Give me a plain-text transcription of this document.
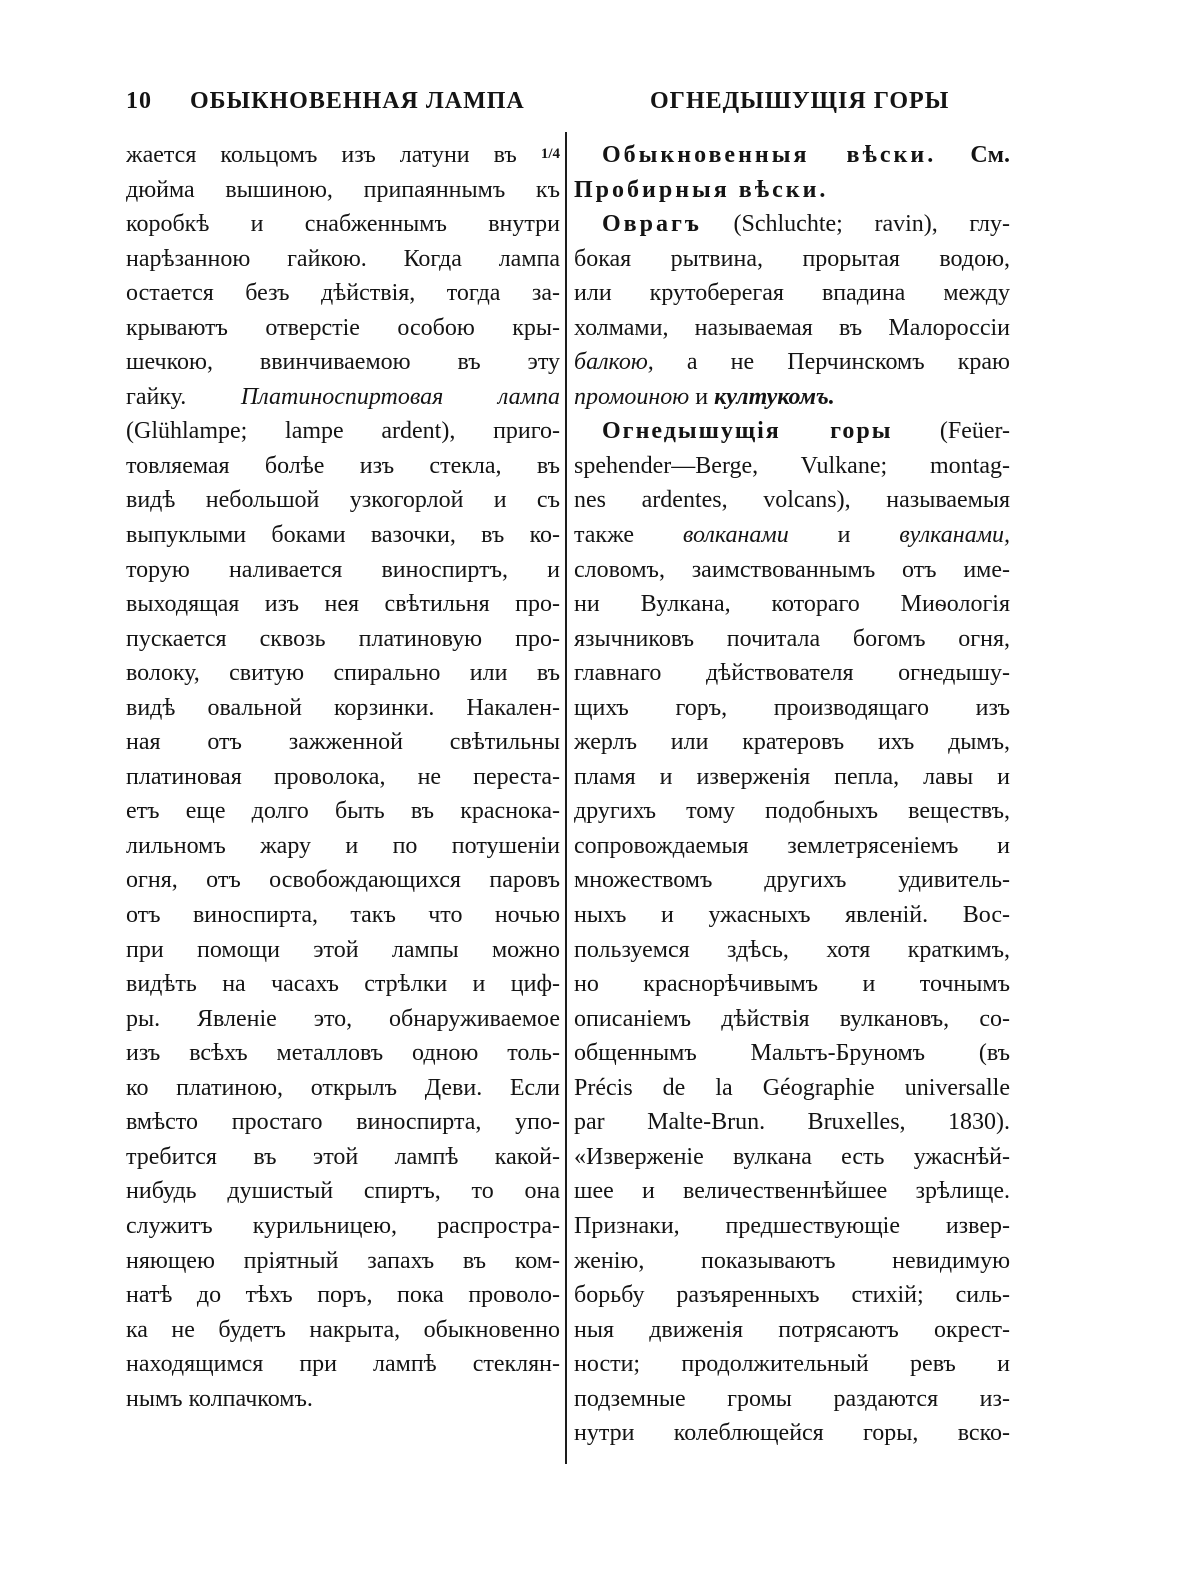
10 ОБЫКНОВЕННАЯ ЛАМПА	ОГНЕДЫШУЩІЯ ГОРЫ
жается кольцомъ изъ латуни въ 1/4
дюйма вышиною, припаяннымъ къ
коробкѣ и снабженнымъ внутри
нарѣзанною гайкою. Когда лампа
остается безъ дѣйствія, тогда за-
крываютъ отверстіе особою кры-
шечкою, ввинчиваемою въ эту
гайку. Платиноспиртовая лампа
(Glühlampe; lampe ardent), приго-
товляемая болѣе изъ стекла, въ
видѣ небольшой узкогорлой и съ
выпуклыми боками вазочки, въ ко-
торую наливается виноспиртъ, и
выходящая изъ нея свѣтильня про-
пускается сквозь платиновую про-
волоку, свитую спирально или въ
видѣ овальной корзинки. Накален-
ная отъ зажженной свѣтильны
платиновая проволока, не переста-
етъ еще долго быть въ краснока-
лильномъ жару и по потушеніи
огня, отъ освобождающихся паровъ
отъ виноспирта, такъ что ночью
при помощи этой лампы можно
видѣть на часахъ стрѣлки и циф-
ры. Явленіе это, обнаруживаемое
изъ всѣхъ металловъ одною толь-
ко платиною, открылъ Деви. Если
вмѣсто простаго виноспирта, упо-
требится въ этой лампѣ какой-
нибудь душистый спиртъ, то она
служитъ курильницею, распростра-
няющею пріятный запахъ въ ком-
натѣ до тѣхъ поръ, пока проволо-
ка не будетъ накрыта, обыкновенно
находящимся при лампѣ стеклян-
нымъ колпачкомъ.
Обыкновенныя вѣски. См.
Пробирныя вѣски.
Оврагъ (Schluchte; ravin), глу-
бокая рытвина, прорытая водою,
или крутоберегая впадина между
холмами, называемая въ Малороссіи
балкою, а не Перчинскомъ краю
промоиною и култукомъ.
Огнедышущія горы (Feüer-
spehender—Berge, Vulkane; montag-
nes ardentes, volcans), называемыя
также волканами и вулканами,
словомъ, заимствованнымъ отъ име-
ни Вулкана, котораго Миѳологія
язычниковъ почитала богомъ огня,
главнаго дѣйствователя огнедышу-
щихъ горъ, производящаго изъ
жерлъ или кратеровъ ихъ дымъ,
пламя и изверженія пепла, лавы и
другихъ тому подобныхъ веществъ,
сопровождаемыя землетрясеніемъ и
множествомъ другихъ удивитель-
ныхъ и ужасныхъ явленій. Вос-
пользуемся здѣсь, хотя краткимъ,
но краснорѣчивымъ и точнымъ
описаніемъ дѣйствія вулкановъ, со-
общеннымъ Мальтъ-Бруномъ (въ
Précis de la Géographie universalle
par Malte-Brun. Bruxelles, 1830).
«Изверженіе вулкана есть ужаснѣй-
шее и величественнѣйшее зрѣлище.
Признаки, предшествующіе извер-
женію, показываютъ невидимую
борьбу разъяренныхъ стихій; силь-
ныя движенія потрясаютъ окрест-
ности; продолжительный ревъ и
подземные громы раздаются из-
нутри колеблющейся горы, вско-
